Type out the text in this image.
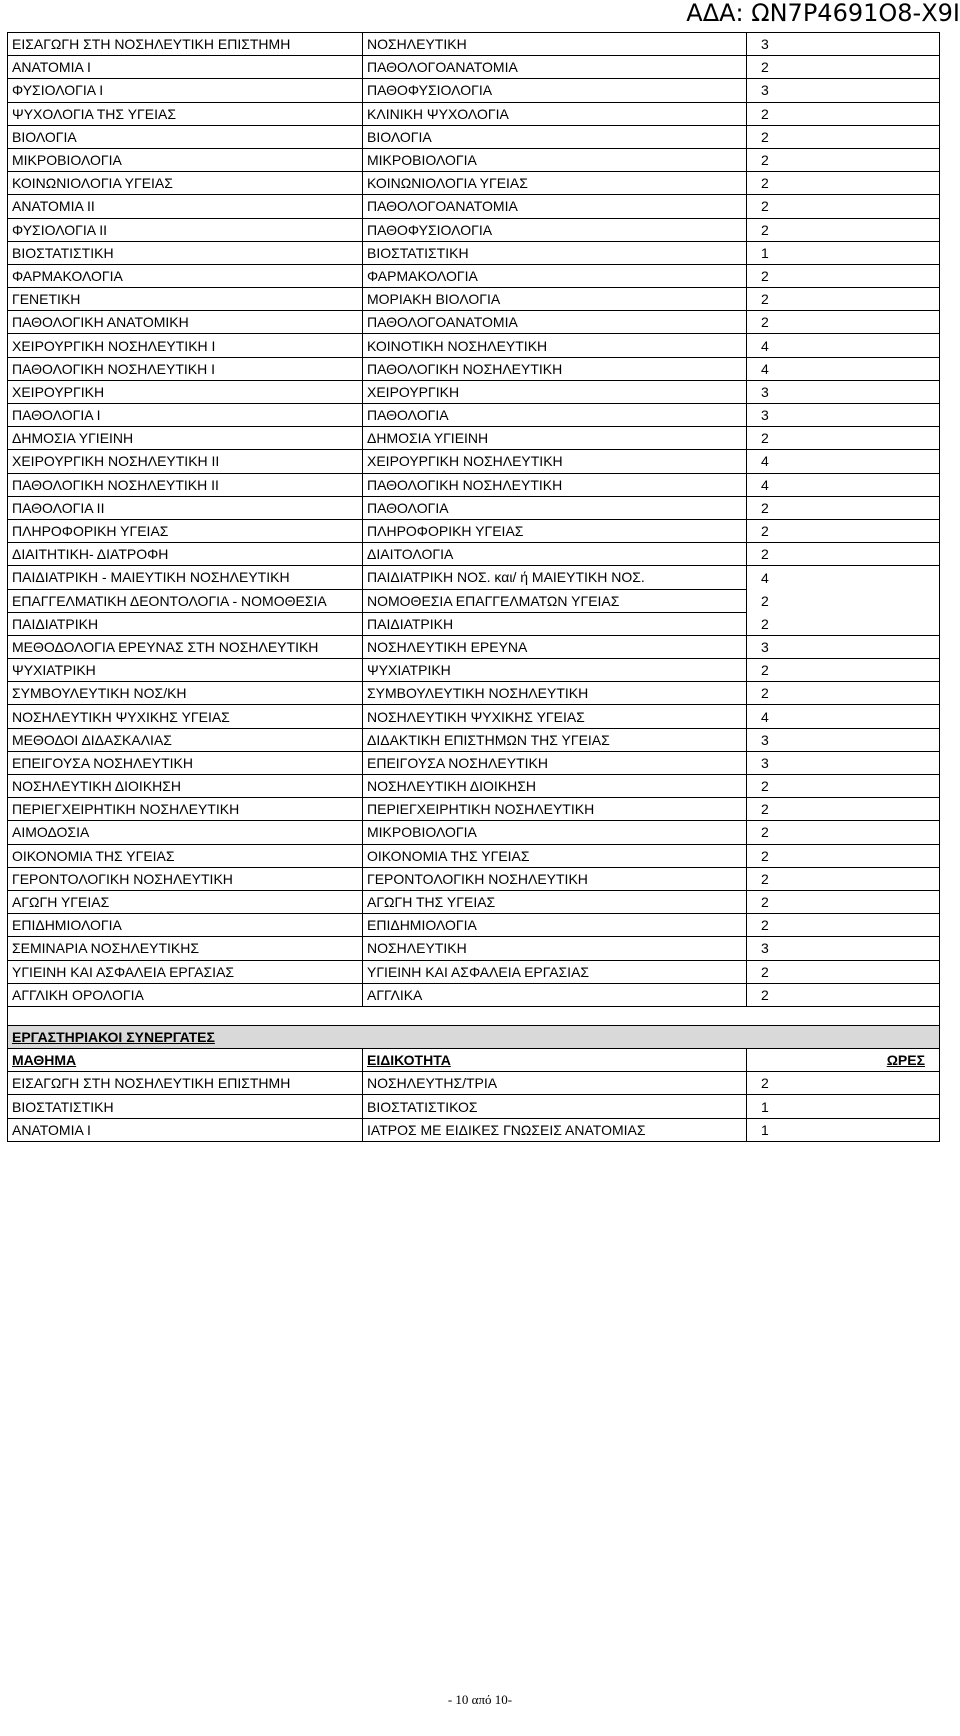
ΑΔΑ: ΩΝ7Ρ4691Ο8-Χ9Ι
ΕΙΣΑΓΩΓΗ ΣΤΗ ΝΟΣΗΛΕΥΤΙΚΗ ΕΠΙΣΤΗΜΗ	ΝΟΣΗΛΕΥΤΙΚΗ	3
ΑΝΑΤΟΜΙΑ Ι	ΠΑΘΟΛΟΓΟΑΝΑΤΟΜΙΑ	2
ΦΥΣΙΟΛΟΓΙΑ Ι	ΠΑΘΟΦΥΣΙΟΛΟΓΙΑ	3
ΨΥΧΟΛΟΓΙΑ ΤΗΣ ΥΓΕΙΑΣ	ΚΛΙΝΙΚΗ ΨΥΧΟΛΟΓΙΑ	2
ΒΙΟΛΟΓΙΑ	ΒΙΟΛΟΓΙΑ	2
ΜΙΚΡΟΒΙΟΛΟΓΙΑ	ΜΙΚΡΟΒΙΟΛΟΓΙΑ	2
ΚΟΙΝΩΝΙΟΛΟΓΙΑ ΥΓΕΙΑΣ	ΚΟΙΝΩΝΙΟΛΟΓΙΑ ΥΓΕΙΑΣ	2
ΑΝΑΤΟΜΙΑ ΙΙ	ΠΑΘΟΛΟΓΟΑΝΑΤΟΜΙΑ	2
ΦΥΣΙΟΛΟΓΙΑ ΙΙ	ΠΑΘΟΦΥΣΙΟΛΟΓΙΑ	2
ΒΙΟΣΤΑΤΙΣΤΙΚΗ	ΒΙΟΣΤΑΤΙΣΤΙΚΗ	1
ΦΑΡΜΑΚΟΛΟΓΙΑ	ΦΑΡΜΑΚΟΛΟΓΙΑ	2
ΓΕΝΕΤΙΚΗ	ΜΟΡΙΑΚΗ ΒΙΟΛΟΓΙΑ	2
ΠΑΘΟΛΟΓΙΚΗ ΑΝΑΤΟΜΙΚΗ	ΠΑΘΟΛΟΓΟΑΝΑΤΟΜΙΑ	2
ΧΕΙΡΟΥΡΓΙΚΗ ΝΟΣΗΛΕΥΤΙΚΗ Ι	ΚΟΙΝΟΤΙΚΗ ΝΟΣΗΛΕΥΤΙΚΗ	4
ΠΑΘΟΛΟΓΙΚΗ ΝΟΣΗΛΕΥΤΙΚΗ Ι	ΠΑΘΟΛΟΓΙΚΗ ΝΟΣΗΛΕΥΤΙΚΗ	4
ΧΕΙΡΟΥΡΓΙΚΗ	ΧΕΙΡΟΥΡΓΙΚΗ	3
ΠΑΘΟΛΟΓΙΑ Ι	ΠΑΘΟΛΟΓΙΑ	3
ΔΗΜΟΣΙΑ ΥΓΙΕΙΝΗ	ΔΗΜΟΣΙΑ ΥΓΙΕΙΝΗ	2
ΧΕΙΡΟΥΡΓΙΚΗ ΝΟΣΗΛΕΥΤΙΚΗ ΙΙ	ΧΕΙΡΟΥΡΓΙΚΗ ΝΟΣΗΛΕΥΤΙΚΗ	4
ΠΑΘΟΛΟΓΙΚΗ ΝΟΣΗΛΕΥΤΙΚΗ ΙΙ	ΠΑΘΟΛΟΓΙΚΗ ΝΟΣΗΛΕΥΤΙΚΗ	4
ΠΑΘΟΛΟΓΙΑ ΙΙ	ΠΑΘΟΛΟΓΙΑ	2
ΠΛΗΡΟΦΟΡΙΚΗ ΥΓΕΙΑΣ	ΠΛΗΡΟΦΟΡΙΚΗ ΥΓΕΙΑΣ	2
ΔΙΑΙΤΗΤΙΚΗ- ΔΙΑΤΡΟΦΗ	ΔΙΑΙΤΟΛΟΓΙΑ	2
ΠΑΙΔΙΑΤΡΙΚΗ - ΜΑΙΕΥΤΙΚΗ ΝΟΣΗΛΕΥΤΙΚΗ	ΠΑΙΔΙΑΤΡΙΚΗ ΝΟΣ. και/ ή ΜΑΙΕΥΤΙΚΗ ΝΟΣ.	4
ΕΠΑΓΓΕΛΜΑΤΙΚΗ ΔΕΟΝΤΟΛΟΓΙΑ - ΝΟΜΟΘΕΣΙΑ	ΝΟΜΟΘΕΣΙΑ ΕΠΑΓΓΕΛΜΑΤΩΝ ΥΓΕΙΑΣ	2
ΠΑΙΔΙΑΤΡΙΚΗ	ΠΑΙΔΙΑΤΡΙΚΗ	2
ΜΕΘΟΔΟΛΟΓΙΑ ΕΡΕΥΝΑΣ ΣΤΗ ΝΟΣΗΛΕΥΤΙΚΗ	ΝΟΣΗΛΕΥΤΙΚΗ ΕΡΕΥΝΑ	3
ΨΥΧΙΑΤΡΙΚΗ	ΨΥΧΙΑΤΡΙΚΗ	2
ΣΥΜΒΟΥΛΕΥΤΙΚΗ ΝΟΣ/ΚΗ	ΣΥΜΒΟΥΛΕΥΤΙΚΗ ΝΟΣΗΛΕΥΤΙΚΗ	2
ΝΟΣΗΛΕΥΤΙΚΗ ΨΥΧΙΚΗΣ ΥΓΕΙΑΣ	ΝΟΣΗΛΕΥΤΙΚΗ ΨΥΧΙΚΗΣ ΥΓΕΙΑΣ	4
ΜΕΘΟΔΟΙ ΔΙΔΑΣΚΑΛΙΑΣ	ΔΙΔΑΚΤΙΚΗ ΕΠΙΣΤΗΜΩΝ ΤΗΣ ΥΓΕΙΑΣ	3
ΕΠΕΙΓΟΥΣΑ ΝΟΣΗΛΕΥΤΙΚΗ	ΕΠΕΙΓΟΥΣΑ ΝΟΣΗΛΕΥΤΙΚΗ	3
ΝΟΣΗΛΕΥΤΙΚΗ ΔΙΟΙΚΗΣΗ	ΝΟΣΗΛΕΥΤΙΚΗ ΔΙΟΙΚΗΣΗ	2
ΠΕΡΙΕΓΧΕΙΡΗΤΙΚΗ ΝΟΣΗΛΕΥΤΙΚΗ	ΠΕΡΙΕΓΧΕΙΡΗΤΙΚΗ ΝΟΣΗΛΕΥΤΙΚΗ	2
ΑΙΜΟΔΟΣΙΑ	ΜΙΚΡΟΒΙΟΛΟΓΙΑ	2
ΟΙΚΟΝΟΜΙΑ ΤΗΣ ΥΓΕΙΑΣ	ΟΙΚΟΝΟΜΙΑ ΤΗΣ ΥΓΕΙΑΣ	2
ΓΕΡΟΝΤΟΛΟΓΙΚΗ ΝΟΣΗΛΕΥΤΙΚΗ	ΓΕΡΟΝΤΟΛΟΓΙΚΗ ΝΟΣΗΛΕΥΤΙΚΗ	2
ΑΓΩΓΗ ΥΓΕΙΑΣ	ΑΓΩΓΗ ΤΗΣ ΥΓΕΙΑΣ	2
ΕΠΙΔΗΜΙΟΛΟΓΙΑ	ΕΠΙΔΗΜΙΟΛΟΓΙΑ	2
ΣΕΜΙΝΑΡΙΑ ΝΟΣΗΛΕΥΤΙΚΗΣ	ΝΟΣΗΛΕΥΤΙΚΗ	3
ΥΓΙΕΙΝΗ ΚΑΙ ΑΣΦΑΛΕΙΑ ΕΡΓΑΣΙΑΣ	ΥΓΙΕΙΝΗ ΚΑΙ ΑΣΦΑΛΕΙΑ ΕΡΓΑΣΙΑΣ	2
ΑΓΓΛΙΚΗ ΟΡΟΛΟΓΙΑ	ΑΓΓΛΙΚΑ	2

ΕΡΓΑΣΤΗΡΙΑΚΟΙ ΣΥΝΕΡΓΑΤΕΣ		
ΜΑΘΗΜΑ	ΕΙΔΙΚΟΤΗΤΑ	ΩΡΕΣ
ΕΙΣΑΓΩΓΗ ΣΤΗ ΝΟΣΗΛΕΥΤΙΚΗ ΕΠΙΣΤΗΜΗ	ΝΟΣΗΛΕΥΤΗΣ/ΤΡΙΑ	2
ΒΙΟΣΤΑΤΙΣΤΙΚΗ	ΒΙΟΣΤΑΤΙΣΤΙΚΟΣ	1
ΑΝΑΤΟΜΙΑ Ι	ΙΑΤΡΟΣ ΜΕ ΕΙΔΙΚΕΣ ΓΝΩΣΕΙΣ ΑΝΑΤΟΜΙΑΣ	1
- 10 από 10-
